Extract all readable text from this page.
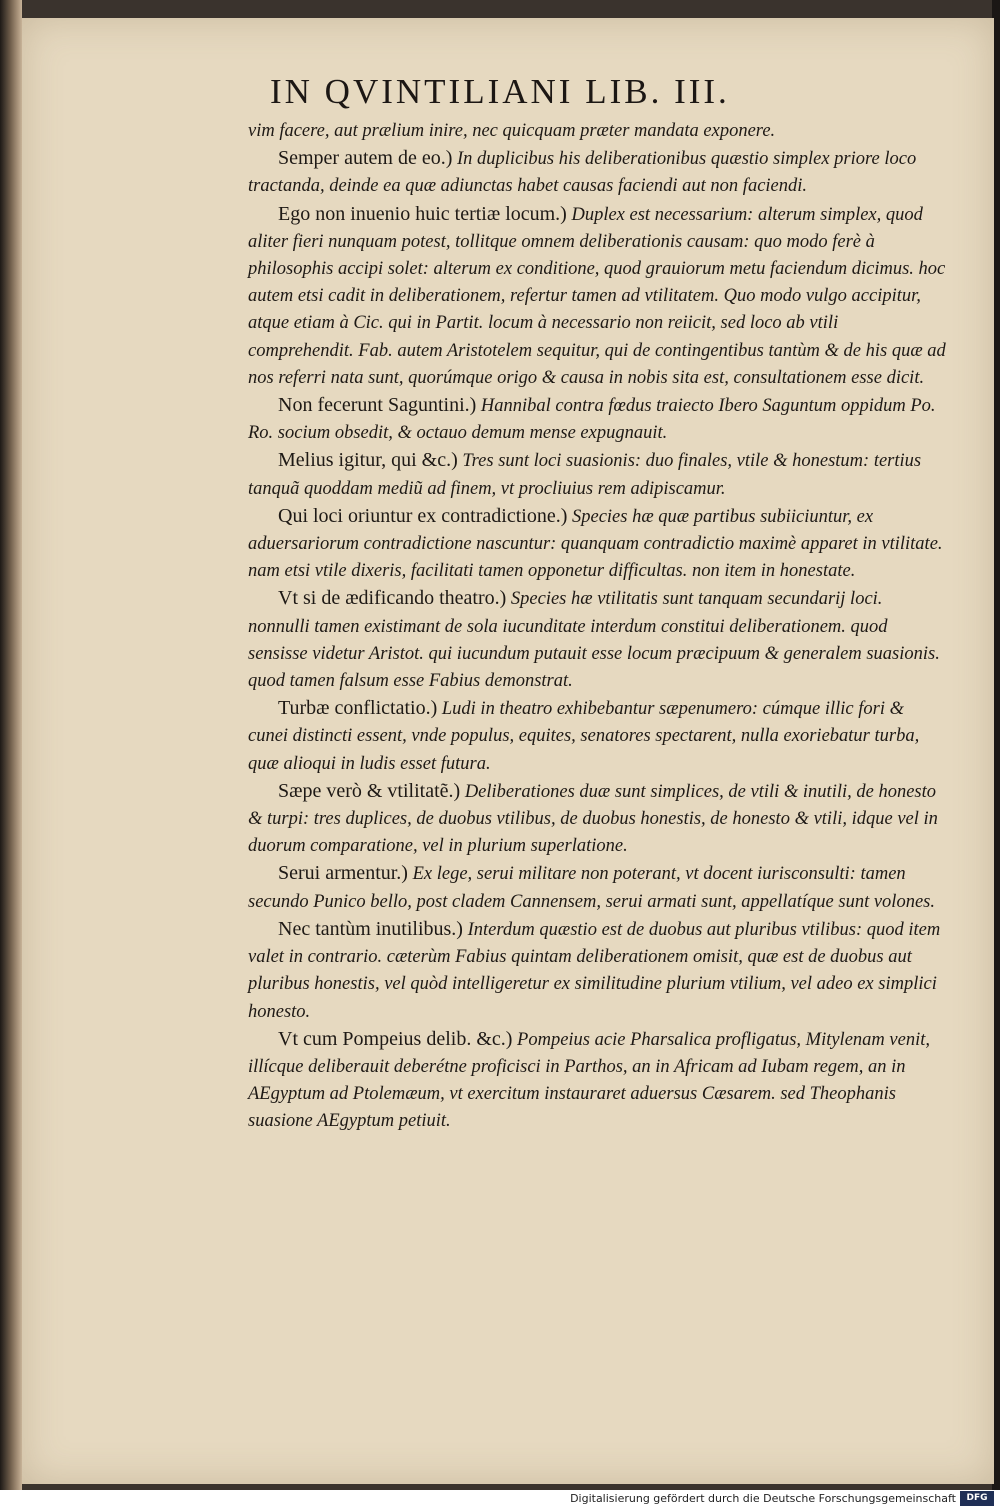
IN QVINTILIANI LIB. III.

vim facere, aut prælium inire, nec quicquam præter mandata exponere.

Semper autem de eo.) In duplicibus his deliberationibus quæstio simplex priore loco tractanda, deinde ea quæ adiunctas habet causas faciendi aut non faciendi.

Ego non inuenio huic tertiæ locum.) Duplex est necessarium: alterum simplex, quod aliter fieri nunquam potest, tollitque omnem deliberationis causam: quo modo ferè à philosophis accipi solet: alterum ex conditione, quod grauiorum metu faciendum dicimus. hoc autem etsi cadit in deliberationem, refertur tamen ad vtilitatem. Quo modo vulgo accipitur, atque etiam à Cic. qui in Partit. locum à necessario non reiicit, sed loco ab vtili comprehendit. Fab. autem Aristotelem sequitur, qui de contingentibus tantùm & de his quæ ad nos referri nata sunt, quorúmque origo & causa in nobis sita est, consultationem esse dicit.

Non fecerunt Saguntini.) Hannibal contra fœdus traiecto Ibero Saguntum oppidum Po. Ro. socium obsedit, & octauo demum mense expugnauit.

Melius igitur, qui &c.) Tres sunt loci suasionis: duo finales, vtile & honestum: tertius tanquã quoddam mediũ ad finem, vt procliuius rem adipiscamur.

Qui loci oriuntur ex contradictione.) Species hæ quæ partibus subiiciuntur, ex aduersariorum contradictione nascuntur: quanquam contradictio maximè apparet in vtilitate. nam etsi vtile dixeris, facilitati tamen opponetur difficultas. non item in honestate.

Vt si de ædificando theatro.) Species hæ vtilitatis sunt tanquam secundarij loci. nonnulli tamen existimant de sola iucunditate interdum constitui deliberationem. quod sensisse videtur Aristot. qui iucundum putauit esse locum præcipuum & generalem suasionis. quod tamen falsum esse Fabius demonstrat.

Turbæ conflictatio.) Ludi in theatro exhibebantur sæpenumero: cúmque illic fori & cunei distincti essent, vnde populus, equites, senatores spectarent, nulla exoriebatur turba, quæ alioqui in ludis esset futura.

Sæpe verò & vtilitatẽ.) Deliberationes duæ sunt simplices, de vtili & inutili, de honesto & turpi: tres duplices, de duobus vtilibus, de duobus honestis, de honesto & vtili, idque vel in duorum comparatione, vel in plurium superlatione.

Serui armentur.) Ex lege, serui militare non poterant, vt docent iurisconsulti: tamen secundo Punico bello, post cladem Cannensem, serui armati sunt, appellatíque sunt volones.

Nec tantùm inutilibus.) Interdum quæstio est de duobus aut pluribus vtilibus: quod item valet in contrario. cæterùm Fabius quintam deliberationem omisit, quæ est de duobus aut pluribus honestis, vel quòd intelligeretur ex similitudine plurium vtilium, vel adeo ex simplici honesto.

Vt cum Pompeius delib. &c.) Pompeius acie Pharsalica profligatus, Mitylenam venit, illícque deliberauit deberétne proficisci in Parthos, an in Africam ad Iubam regem, an in AEgyptum ad Ptolemæum, vt exercitum instauraret aduersus Cæsarem. sed Theophanis suasione AEgyptum petiuit.

Digitalisierung gefördert durch die Deutsche Forschungsgemeinschaft	DFG
